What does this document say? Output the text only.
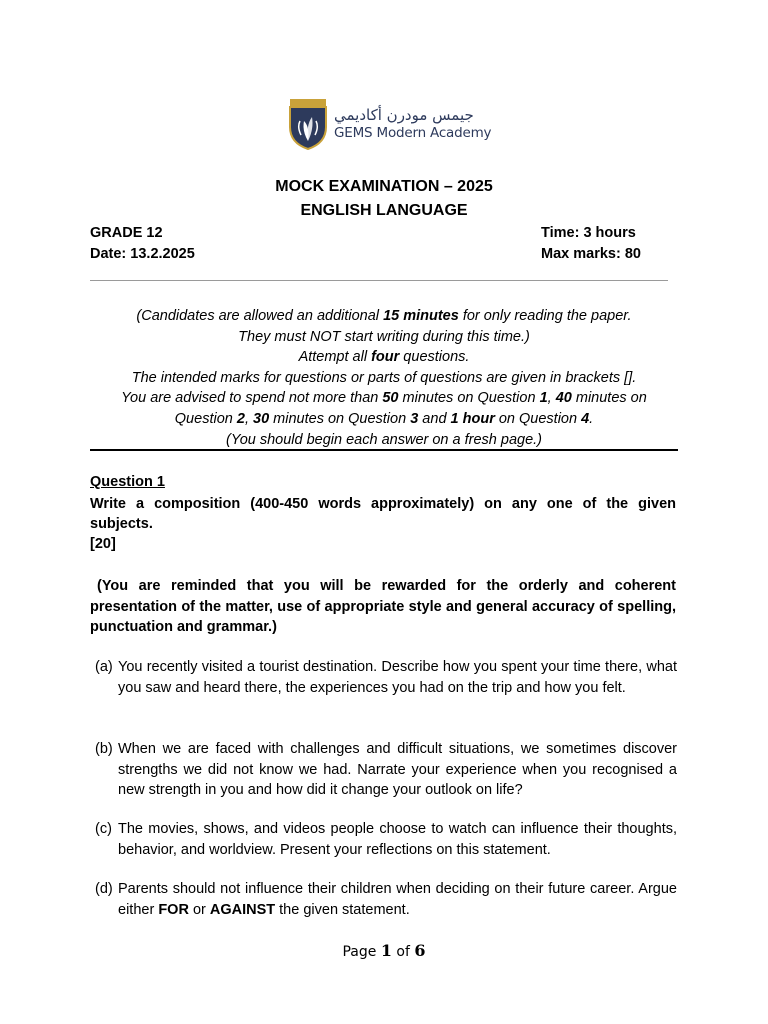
جيمس مودرن أكاديمي
GEMS Modern Academy
MOCK EXAMINATION – 2025
ENGLISH LANGUAGE
GRADE 12
Date: 13.2.2025
Time: 3 hours
Max marks: 80
(Candidates are allowed an additional 15 minutes for only reading the paper.
They must NOT start writing during this time.)
Attempt all four questions.
The intended marks for questions or parts of questions are given in brackets [].
You are advised to spend not more than 50 minutes on Question 1, 40 minutes on
Question 2, 30 minutes on Question 3 and 1 hour on Question 4.
(You should begin each answer on a fresh page.)
Question 1
Write a composition (400-450 words approximately) on any one of the given subjects.
[20]
(You are reminded that you will be rewarded for the orderly and coherent presentation of the matter, use of appropriate style and general accuracy of spelling, punctuation and grammar.)
(a) You recently visited a tourist destination. Describe how you spent your time there, what you saw and heard there, the experiences you had on the trip and how you felt.
(b) When we are faced with challenges and difficult situations, we sometimes discover strengths we did not know we had. Narrate your experience when you recognised a new strength in you and how did it change your outlook on life?
(c) The movies, shows, and videos people choose to watch can influence their thoughts, behavior, and worldview. Present your reflections on this statement.
(d) Parents should not influence their children when deciding on their future career. Argue either FOR or AGAINST the given statement.
Page 1 of 6
